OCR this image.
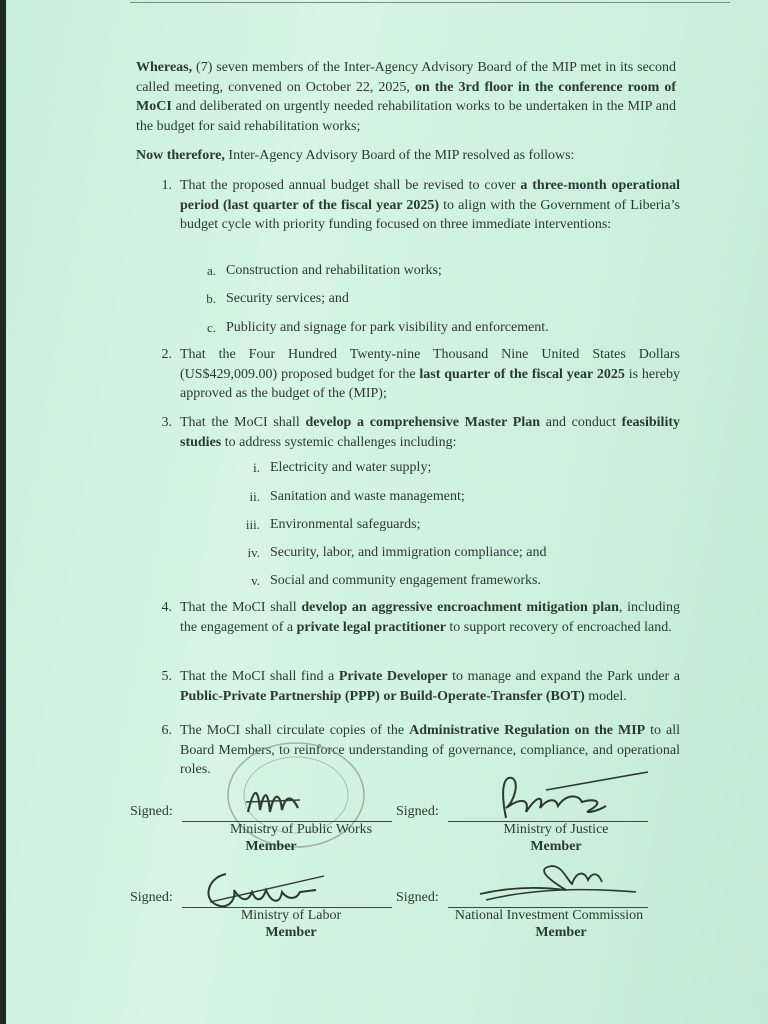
Whereas, (7) seven members of the Inter-Agency Advisory Board of the MIP met in its second called meeting, convened on October 22, 2025, on the 3rd floor in the conference room of MoCI and deliberated on urgently needed rehabilitation works to be undertaken in the MIP and the budget for said rehabilitation works;
Now therefore, Inter-Agency Advisory Board of the MIP resolved as follows:
1. That the proposed annual budget shall be revised to cover a three-month operational period (last quarter of the fiscal year 2025) to align with the Government of Liberia’s budget cycle with priority funding focused on three immediate interventions:
a. Construction and rehabilitation works;
b. Security services; and
c. Publicity and signage for park visibility and enforcement.
2. That the Four Hundred Twenty-nine Thousand Nine United States Dollars (US$429,009.00) proposed budget for the last quarter of the fiscal year 2025 is hereby approved as the budget of the (MIP);
3. That the MoCI shall develop a comprehensive Master Plan and conduct feasibility studies to address systemic challenges including:
i. Electricity and water supply;
ii. Sanitation and waste management;
iii. Environmental safeguards;
iv. Security, labor, and immigration compliance; and
v. Social and community engagement frameworks.
4. That the MoCI shall develop an aggressive encroachment mitigation plan, including the engagement of a private legal practitioner to support recovery of encroached land.
5. That the MoCI shall find a Private Developer to manage and expand the Park under a Public-Private Partnership (PPP) or Build-Operate-Transfer (BOT) model.
6. The MoCI shall circulate copies of the Administrative Regulation on the MIP to all Board Members, to reinforce understanding of governance, compliance, and operational roles.
Signed:
Ministry of Public Works
Member
Signed:
Ministry of Justice
Member
Signed:
Ministry of Labor
Member
Signed:
National Investment Commission
Member
